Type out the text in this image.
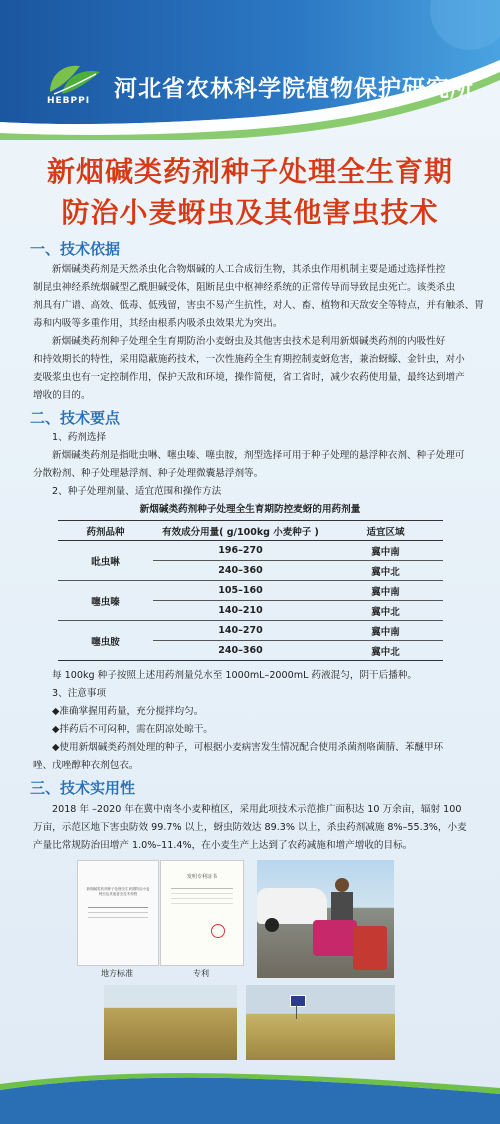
HEBPPI 河北省农林科学院植物保护研究所
新烟碱类药剂种子处理全生育期
防治小麦蚜虫及其他害虫技术
一、技术依据
新烟碱类药剂是天然杀虫化合物烟碱的人工合成衍生物，其杀虫作用机制主要是通过选择性控
制昆虫神经系统烟碱型乙酰胆碱受体，阻断昆虫中枢神经系统的正常传导而导致昆虫死亡。该类杀虫
剂具有广谱、高效、低毒、低残留，害虫不易产生抗性，对人、畜、植物和天敌安全等特点，并有触杀、胃
毒和内吸等多重作用，其经由根系内吸杀虫效果尤为突出。
新烟碱类药剂种子处理全生育期防治小麦蚜虫及其他害虫技术是利用新烟碱类药剂的内吸性好
和持效期长的特性，采用隐蔽施药技术，一次性施药全生育期控制麦蚜危害，兼治蚜蠓、金针虫，对小
麦吸浆虫也有一定控制作用，保护天敌和环境，操作简便，省工省时，减少农药使用量，最终达到增产
增收的目的。
二、技术要点
1、药剂选择
新烟碱类药剂是指吡虫啉、噻虫嗪、噻虫胺，剂型选择可用于种子处理的悬浮种衣剂、种子处理可
分散粉剂、种子处理悬浮剂、种子处理微囊悬浮剂等。
2、种子处理剂量、适宜范围和操作方法
新烟碱类药剂种子处理全生育期防控麦蚜的用药剂量
药剂品种	有效成分用量( g/100kg 小麦种子 )	适宜区域
吡虫啉	196–270	冀中南
	240–360	冀中北
噻虫嗪	105–160	冀中南
	140–210	冀中北
噻虫胺	140–270	冀中南
	240–360	冀中北
每 100kg 种子按照上述用药剂量兑水至 1000mL–2000mL 药液混匀，阴干后播种。
3、注意事项
◆准确掌握用药量，充分搅拌均匀。
◆拌药后不可闷种，需在阴凉处晾干。
◆使用新烟碱类药剂处理的种子，可根据小麦病害发生情况配合使用杀菌剂咯菌腈、苯醚甲环
唑、戊唑醇种衣剂包衣。
三、技术实用性
2018 年 –2020 年在冀中南冬小麦种植区，采用此项技术示范推广面积达 10 万余亩，辐射 100
万亩，示范区地下害虫防效 99.7% 以上，蚜虫防效达 89.3% 以上，杀虫药剂减施 8%–55.3%，小麦
产量比常规防治田增产 1.0%–11.4%，在小麦生产上达到了农药减施和增产增收的目标。
新烟碱类药剂种子处理全生育期防治小麦蚜虫及其他害虫技术规程
地方标准
发明专利证书
专利
